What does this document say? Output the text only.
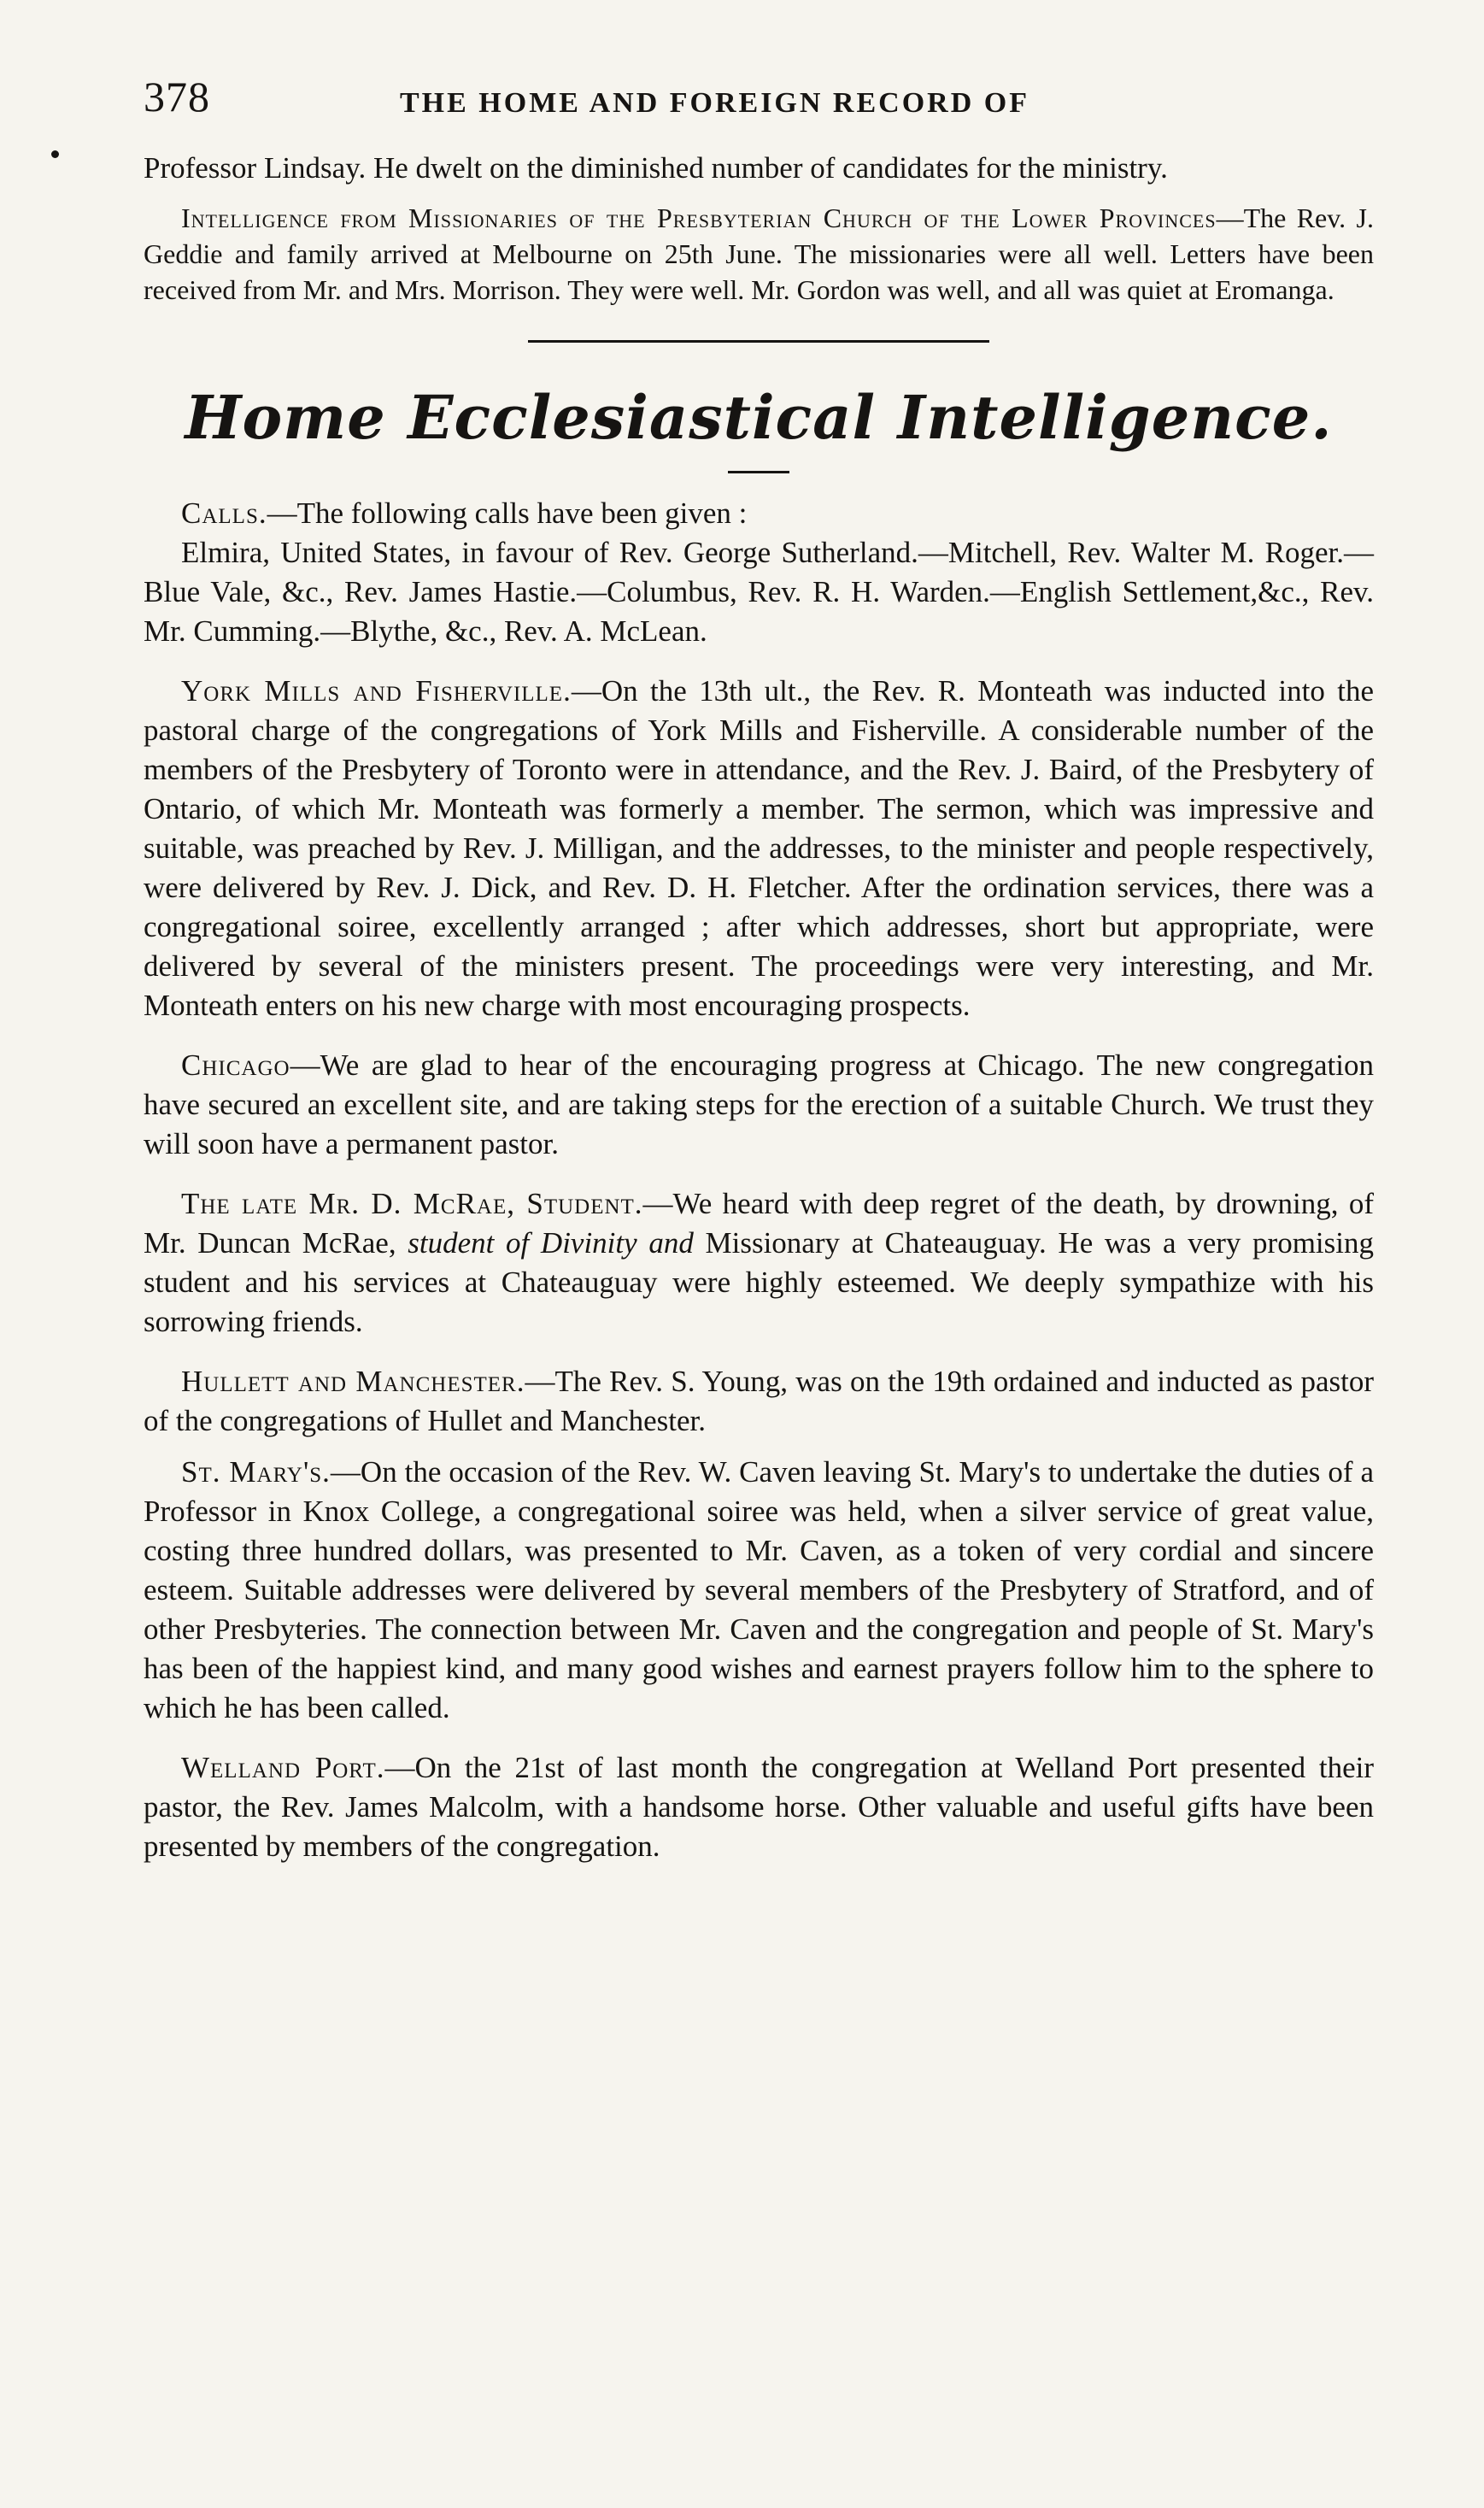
378	THE HOME AND FOREIGN RECORD OF

Professor Lindsay. He dwelt on the diminished number of candidates for the ministry.

Intelligence from Missionaries of the Presbyterian Church of the Lower Provinces—The Rev. J. Geddie and family arrived at Melbourne on 25th June. The missionaries were all well. Letters have been received from Mr. and Mrs. Morrison. They were well. Mr. Gordon was well, and all was quiet at Eromanga.

Home Ecclesiastical Intelligence.

Calls.—The following calls have been given :

Elmira, United States, in favour of Rev. George Sutherland.—Mitchell, Rev. Walter M. Roger.—Blue Vale, &c., Rev. James Hastie.—Columbus, Rev. R. H. Warden.—English Settlement,&c., Rev. Mr. Cumming.—Blythe, &c., Rev. A. McLean.

York Mills and Fisherville.—On the 13th ult., the Rev. R. Monteath was inducted into the pastoral charge of the congregations of York Mills and Fisherville. A considerable number of the members of the Presbytery of Toronto were in attendance, and the Rev. J. Baird, of the Presbytery of Ontario, of which Mr. Monteath was formerly a member. The sermon, which was impressive and suitable, was preached by Rev. J. Milligan, and the addresses, to the minister and people respectively, were delivered by Rev. J. Dick, and Rev. D. H. Fletcher. After the ordination services, there was a congregational soiree, excellently arranged ; after which addresses, short but appropriate, were delivered by several of the ministers present. The proceedings were very interesting, and Mr. Monteath enters on his new charge with most encouraging prospects.

Chicago—We are glad to hear of the encouraging progress at Chicago. The new congregation have secured an excellent site, and are taking steps for the erection of a suitable Church. We trust they will soon have a permanent pastor.

The late Mr. D. McRae, Student.—We heard with deep regret of the death, by drowning, of Mr. Duncan McRae, student of Divinity and Missionary at Chateauguay. He was a very promising student and his services at Chateauguay were highly esteemed. We deeply sympathize with his sorrowing friends.

Hullett and Manchester.—The Rev. S. Young, was on the 19th ordained and inducted as pastor of the congregations of Hullet and Manchester.

St. Mary's.—On the occasion of the Rev. W. Caven leaving St. Mary's to undertake the duties of a Professor in Knox College, a congregational soiree was held, when a silver service of great value, costing three hundred dollars, was presented to Mr. Caven, as a token of very cordial and sincere esteem. Suitable addresses were delivered by several members of the Presbytery of Stratford, and of other Presbyteries. The connection between Mr. Caven and the congregation and people of St. Mary's has been of the happiest kind, and many good wishes and earnest prayers follow him to the sphere to which he has been called.

Welland Port.—On the 21st of last month the congregation at Welland Port presented their pastor, the Rev. James Malcolm, with a handsome horse. Other valuable and useful gifts have been presented by members of the congregation.
